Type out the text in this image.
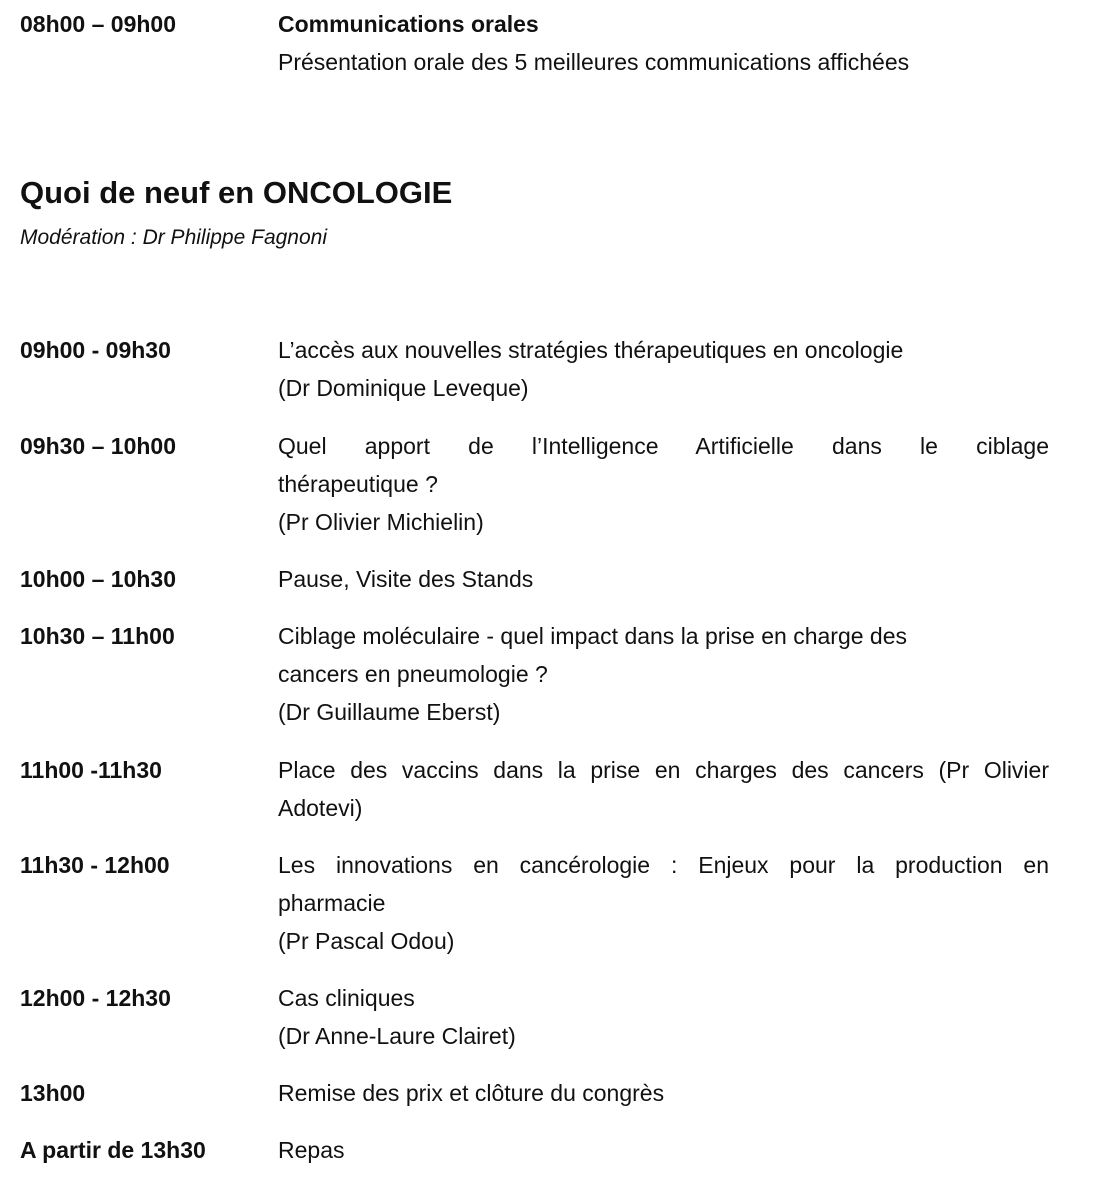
08h00 – 09h00	Communications orales
Présentation orale des 5 meilleures communications affichées
Quoi de neuf en ONCOLOGIE
Modération : Dr Philippe Fagnoni
09h00 - 09h30	L’accès aux nouvelles stratégies thérapeutiques en oncologie
(Dr Dominique Leveque)
09h30 – 10h00	Quel apport de l’Intelligence Artificielle dans le ciblage
thérapeutique ?
(Pr Olivier Michielin)
10h00 – 10h30	Pause, Visite des Stands
10h30 – 11h00	Ciblage moléculaire - quel impact dans la prise en charge des
cancers en pneumologie ?
(Dr Guillaume Eberst)
11h00 -11h30	Place des vaccins dans la prise en charges des cancers (Pr Olivier
Adotevi)
11h30 - 12h00	Les innovations en cancérologie : Enjeux pour la production en
pharmacie
(Pr Pascal Odou)
12h00 - 12h30	Cas cliniques
(Dr Anne-Laure Clairet)
13h00	Remise des prix et clôture du congrès
A partir de 13h30	Repas
